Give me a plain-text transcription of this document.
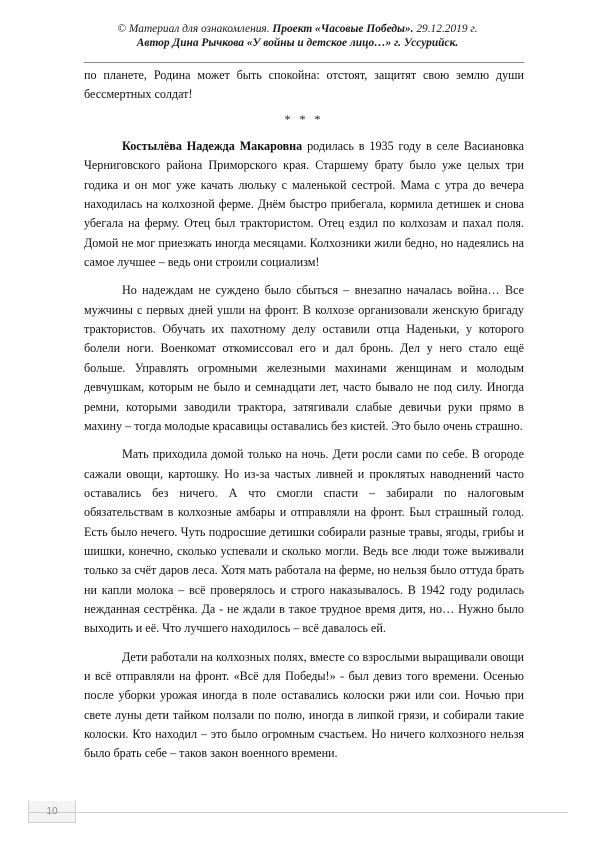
© Материал для ознакомления. Проект «Часовые Победы». 29.12.2019 г.
Автор Дина Рычкова «У войны и детское лицо…» г. Уссурийск.

по планете, Родина может быть спокойна: отстоят, защитят свою землю души бессмертных солдат!

* * *

Костылёва Надежда Макаровна родилась в 1935 году в селе Васиановка Черниговского района Приморского края. Старшему брату было уже целых три годика и он мог уже качать люльку с маленькой сестрой. Мама с утра до вечера находилась на колхозной ферме. Днём быстро прибегала, кормила детишек и снова убегала на ферму. Отец был трактористом. Отец ездил по колхозам и пахал поля. Домой не мог приезжать иногда месяцами. Колхозники жили бедно, но надеялись на самое лучшее – ведь они строили социализм!

Но надеждам не суждено было сбыться – внезапно началась война… Все мужчины с первых дней ушли на фронт. В колхозе организовали женскую бригаду трактористов. Обучать их пахотному делу оставили отца Наденьки, у которого болели ноги. Военкомат откомиссовал его и дал бронь. Дел у него стало ещё больше. Управлять огромными железными махинами женщинам и молодым девчушкам, которым не было и семнадцати лет, часто бывало не под силу. Иногда ремни, которыми заводили трактора, затягивали слабые девичьи руки прямо в махину – тогда молодые красавицы оставались без кистей. Это было очень страшно.

Мать приходила домой только на ночь. Дети росли сами по себе. В огороде сажали овощи, картошку. Но из-за частых ливней и проклятых наводнений часто оставались без ничего. А что смогли спасти – забирали по налоговым обязательствам в колхозные амбары и отправляли на фронт. Был страшный голод. Есть было нечего. Чуть подросшие детишки собирали разные травы, ягоды, грибы и шишки, конечно, сколько успевали и сколько могли. Ведь все люди тоже выживали только за счёт даров леса. Хотя мать работала на ферме, но нельзя было оттуда брать ни капли молока – всё проверялось и строго наказывалось. В 1942 году родилась нежданная сестрёнка. Да - не ждали в такое трудное время дитя, но… Нужно было выходить и её. Что лучшего находилось – всё давалось ей.

Дети работали на колхозных полях, вместе со взрослыми выращивали овощи и всё отправляли на фронт. «Всё для Победы!» - был девиз того времени. Осенью после уборки урожая иногда в поле оставались колоски ржи или сои. Ночью при свете луны дети тайком ползали по полю, иногда в липкой грязи, и собирали такие колоски. Кто находил – это было огромным счастьем. Но ничего колхозного нельзя было брать себе – таков закон военного времени.

10
